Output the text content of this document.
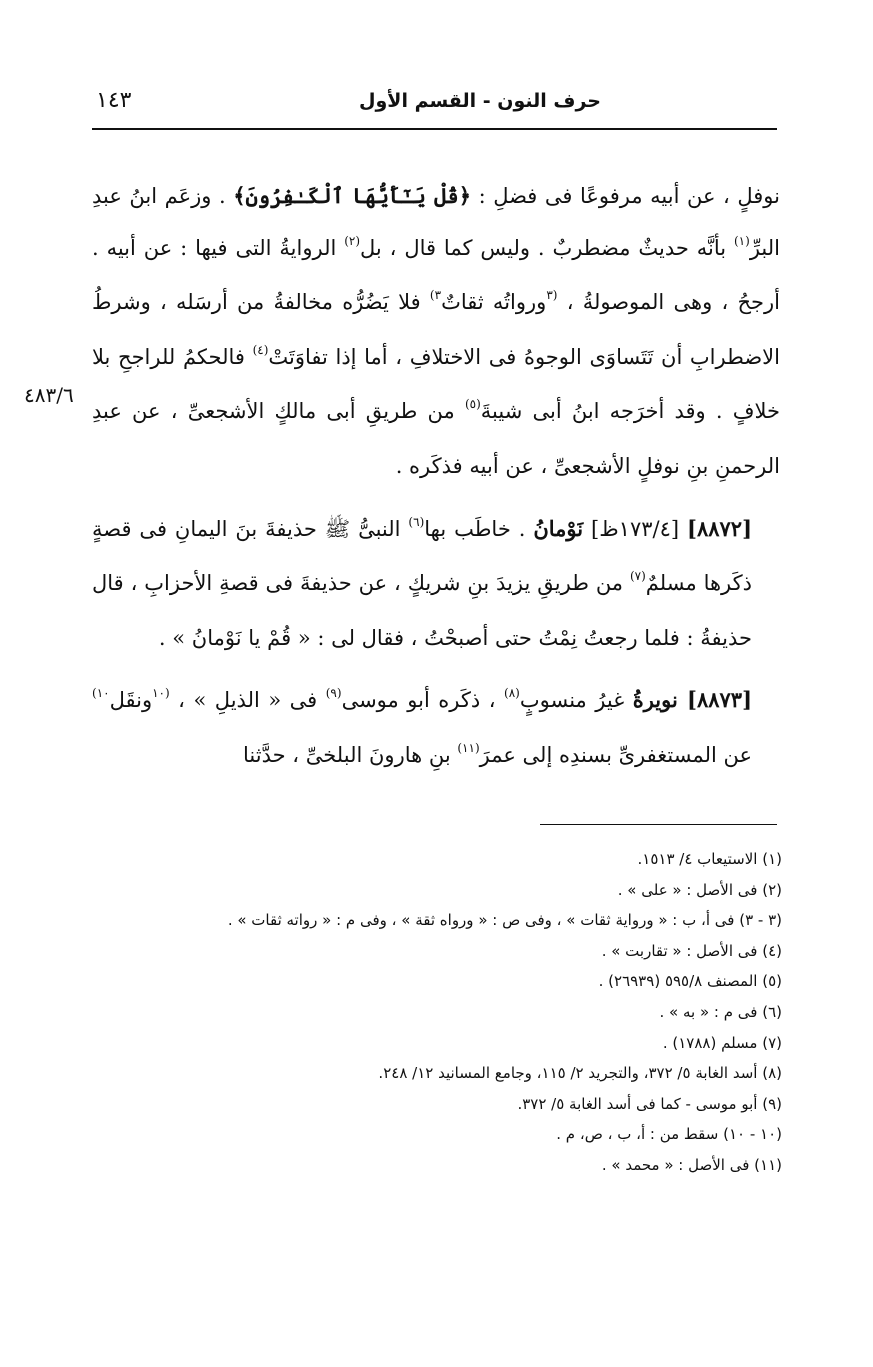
حرف النون - القسم الأول
١٤٣
٤٨٣/٦

نوفلٍ ، عن أبيه مرفوعًا فى فضلِ : ﴿قُلْ يَـٰٓأَيُّهَا ٱلْكَـٰفِرُونَ﴾ . وزعَم ابنُ عبدِ البرِّ$^{(١)}$ بأنَّه حديثٌ مضطربٌ . وليس كما قال ، بل$^{(٢)}$ الروايةُ التى فيها : عن أبيه . أرجحُ ، وهى الموصولةُ ، $^{(٣}$ورواتُه ثقاتٌ$^{٣)}$ فلا يَضُرُّه مخالفةُ من أرسَله ، وشرطُ الاضطرابِ أن تَتَساوَى الوجوهُ فى الاختلافِ ، أما إذا تفاوَتَتْ$^{(٤)}$ فالحكمُ للراجحِ بلا خلافٍ . وقد أخرَجه ابنُ أبى شيبةَ$^{(٥)}$ من طريقِ أبى مالكٍ الأشجعىِّ ، عن عبدِ الرحمنِ بنِ نوفلٍ الأشجعىِّ ، عن أبيه فذكَره .

[٨٨٧٢] [١٧٣/٤ظ] نَوْمانُ . خاطَب بها$^{(٦)}$ النبىُّ ﷺ حذيفةَ بنَ اليمانِ فى قصةٍ ذكَرها مسلمٌ$^{(٧)}$ من طريقِ يزيدَ بنِ شريكٍ ، عن حذيفةَ فى قصةِ الأحزابِ ، قال حذيفةُ : فلما رجعتُ نِمْتُ حتى أصبحْتُ ، فقال لى : « قُمْ يا نَوْمانُ » .

[٨٨٧٣] نويرةُ غيرُ منسوبٍ$^{(٨)}$ ، ذكَره أبو موسى$^{(٩)}$ فى « الذيلِ » ، $^{(١٠}$ونقَل$^{١٠)}$ عن المستغفرىِّ بسندِه إلى عمرَ$^{(١١)}$ بنِ هارونَ البلخىِّ ، حدَّثنا

(١) الاستيعاب ٤/ ١٥١٣.

(٢) فى الأصل : « على » .

(٣ - ٣) فى أ، ب : « ورواية ثقات » ، وفى ص : « ورواه ثقة » ، وفى م : « رواته ثقات » .

(٤) فى الأصل : « تقاربت » .

(٥) المصنف ٥٩٥/٨ (٢٦٩٣٩) .

(٦) فى م : « به » .

(٧) مسلم (١٧٨٨) .

(٨) أسد الغابة ٥/ ٣٧٢، والتجريد ٢/ ١١٥، وجامع المسانيد ١٢/ ٢٤٨.

(٩) أبو موسى - كما فى أسد الغابة ٥/ ٣٧٢.

(١٠ - ١٠) سقط من : أ، ب ، ص، م .

(١١) فى الأصل : « محمد » .
